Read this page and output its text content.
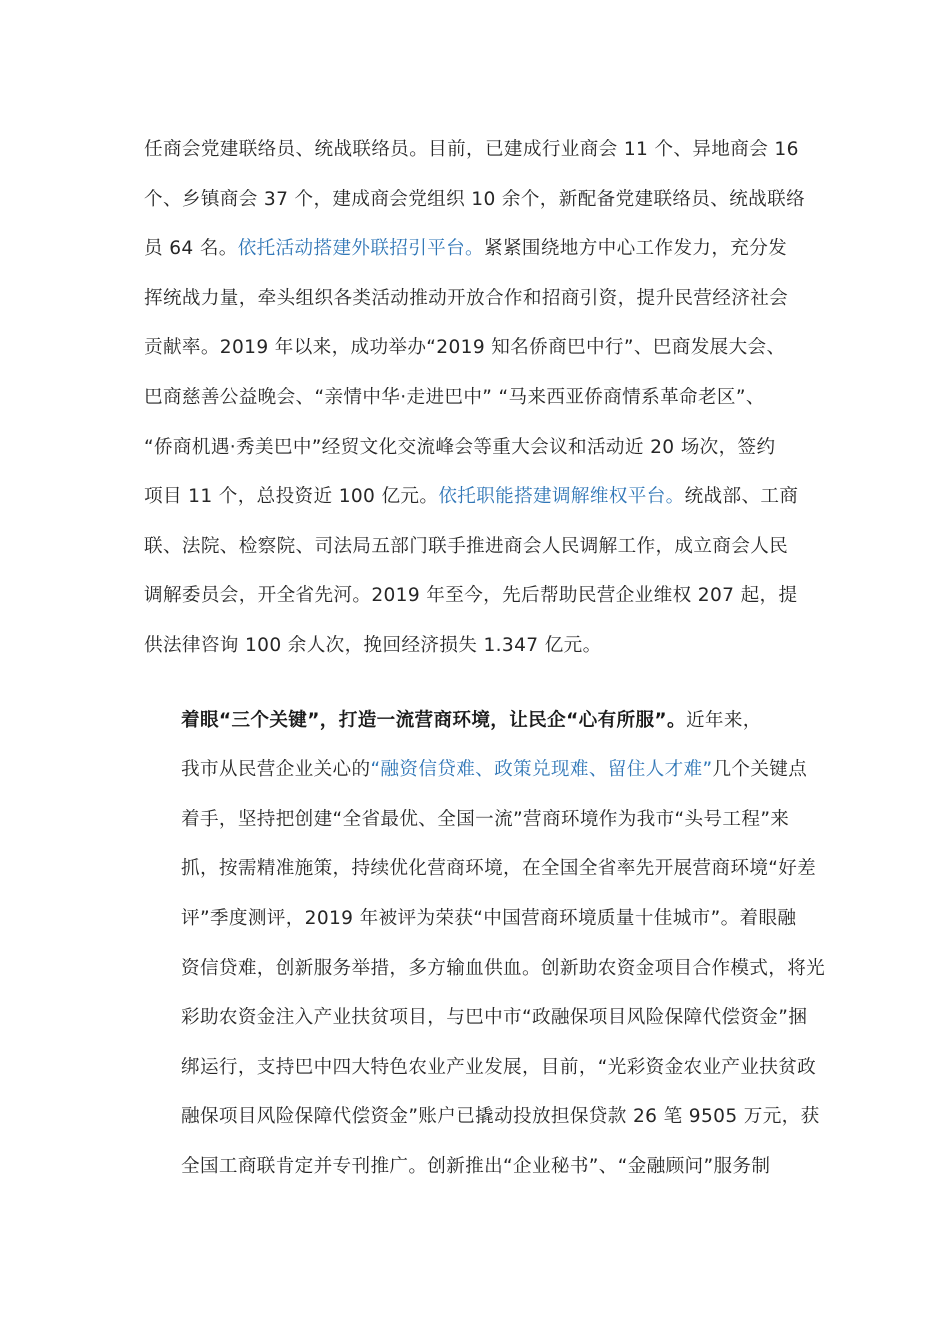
任商会党建联络员、统战联络员。目前，已建成行业商会 11 个、异地商会 16
个、乡镇商会 37 个，建成商会党组织 10 余个，新配备党建联络员、统战联络
员 64 名。依托活动搭建外联招引平台。紧紧围绕地方中心工作发力，充分发
挥统战力量，牵头组织各类活动推动开放合作和招商引资，提升民营经济社会
贡献率。2019 年以来，成功举办“2019 知名侨商巴中行”、巴商发展大会、
巴商慈善公益晚会、“亲情中华·走进巴中” “马来西亚侨商情系革命老区”、
“侨商机遇·秀美巴中”经贸文化交流峰会等重大会议和活动近 20 场次，签约
项目 11 个，总投资近 100 亿元。依托职能搭建调解维权平台。统战部、工商
联、法院、检察院、司法局五部门联手推进商会人民调解工作，成立商会人民
调解委员会，开全省先河。2019 年至今，先后帮助民营企业维权 207 起，提
供法律咨询 100 余人次，挽回经济损失 1.347 亿元。

着眼“三个关键”，打造一流营商环境，让民企“心有所服”。近年来，
我市从民营企业关心的“融资信贷难、政策兑现难、留住人才难”几个关键点
着手，坚持把创建“全省最优、全国一流”营商环境作为我市“头号工程”来
抓，按需精准施策，持续优化营商环境，在全国全省率先开展营商环境“好差
评”季度测评，2019 年被评为荣获“中国营商环境质量十佳城市”。着眼融
资信贷难，创新服务举措，多方输血供血。创新助农资金项目合作模式，将光
彩助农资金注入产业扶贫项目，与巴中市“政融保项目风险保障代偿资金”捆
绑运行，支持巴中四大特色农业产业发展，目前，“光彩资金农业产业扶贫政
融保项目风险保障代偿资金”账户已撬动投放担保贷款 26 笔 9505 万元，获
全国工商联肯定并专刊推广。创新推出“企业秘书”、“金融顾问”服务制
